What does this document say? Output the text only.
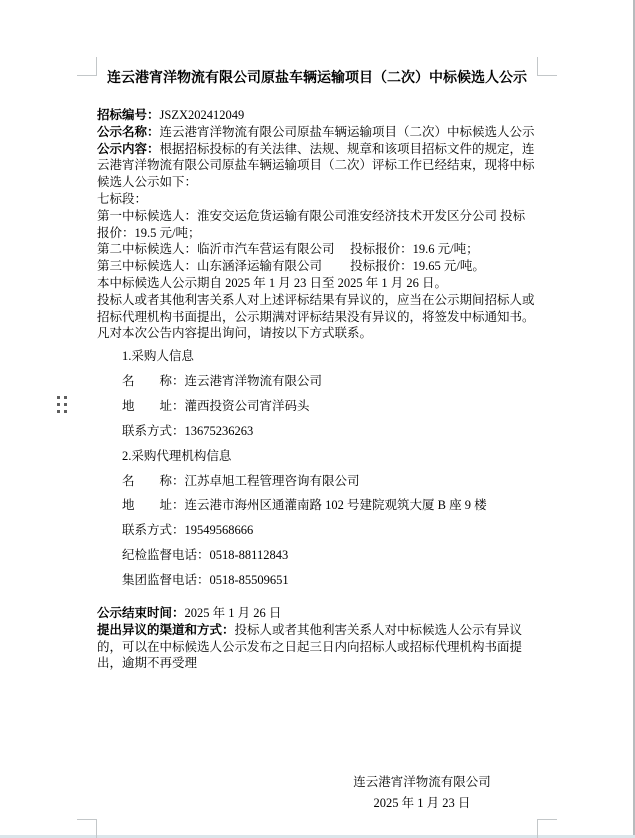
连云港宵洋物流有限公司原盐车辆运输项目（二次）中标候选人公示
招标编号：JSZX202412049
公示名称：连云港宵洋物流有限公司原盐车辆运输项目（二次）中标候选人公示
公示内容：根据招标投标的有关法律、法规、规章和该项目招标文件的规定，连
云港宵洋物流有限公司原盐车辆运输项目（二次）评标工作已经结束，现将中标
候选人公示如下：
七标段：
第一中标候选人：淮安交运危货运输有限公司淮安经济技术开发区分公司 投标
报价：19.5 元/吨；
第二中标候选人：临沂市汽车营运有限公司　 投标报价：19.6 元/吨；
第三中标候选人：山东涵泽运输有限公司　　 投标报价：19.65 元/吨。
本中标候选人公示期自 2025 年 1 月 23 日至 2025 年 1 月 26 日。
投标人或者其他利害关系人对上述评标结果有异议的，应当在公示期间招标人或
招标代理机构书面提出，公示期满对评标结果没有异议的，将签发中标通知书。
凡对本次公告内容提出询问，请按以下方式联系。
1.采购人信息
名　　称：连云港宵洋物流有限公司
地　　址：灌西投资公司宵洋码头
联系方式：13675236263
2.采购代理机构信息
名　　称：江苏卓旭工程管理咨询有限公司
地　　址：连云港市海州区通灌南路 102 号建院观筑大厦 B 座 9 楼
联系方式：19549568666
纪检监督电话：0518-88112843
集团监督电话：0518-85509651
公示结束时间：2025 年 1 月 26 日
提出异议的渠道和方式：投标人或者其他利害关系人对中标候选人公示有异议
的，可以在中标候选人公示发布之日起三日内向招标人或招标代理机构书面提
出，逾期不再受理
连云港宵洋物流有限公司
2025 年 1 月 23 日
